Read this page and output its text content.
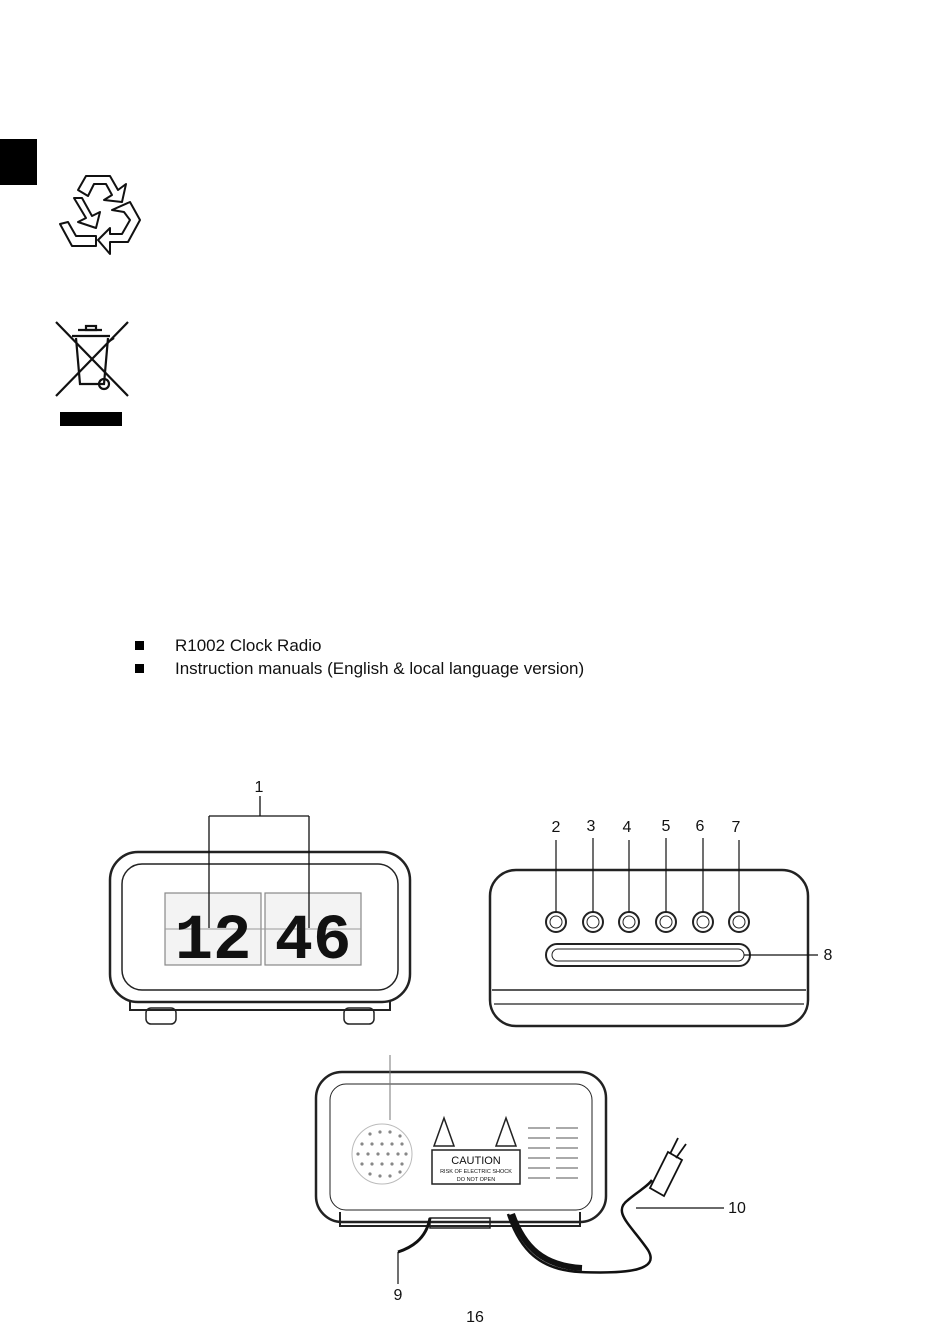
R1002 Clock Radio
Instruction manuals (English & local language version)
12 46
1
2 3 4 5 6 7
8
CAUTION
RISK OF ELECTRIC SHOCK
DO NOT OPEN
9
10
16
